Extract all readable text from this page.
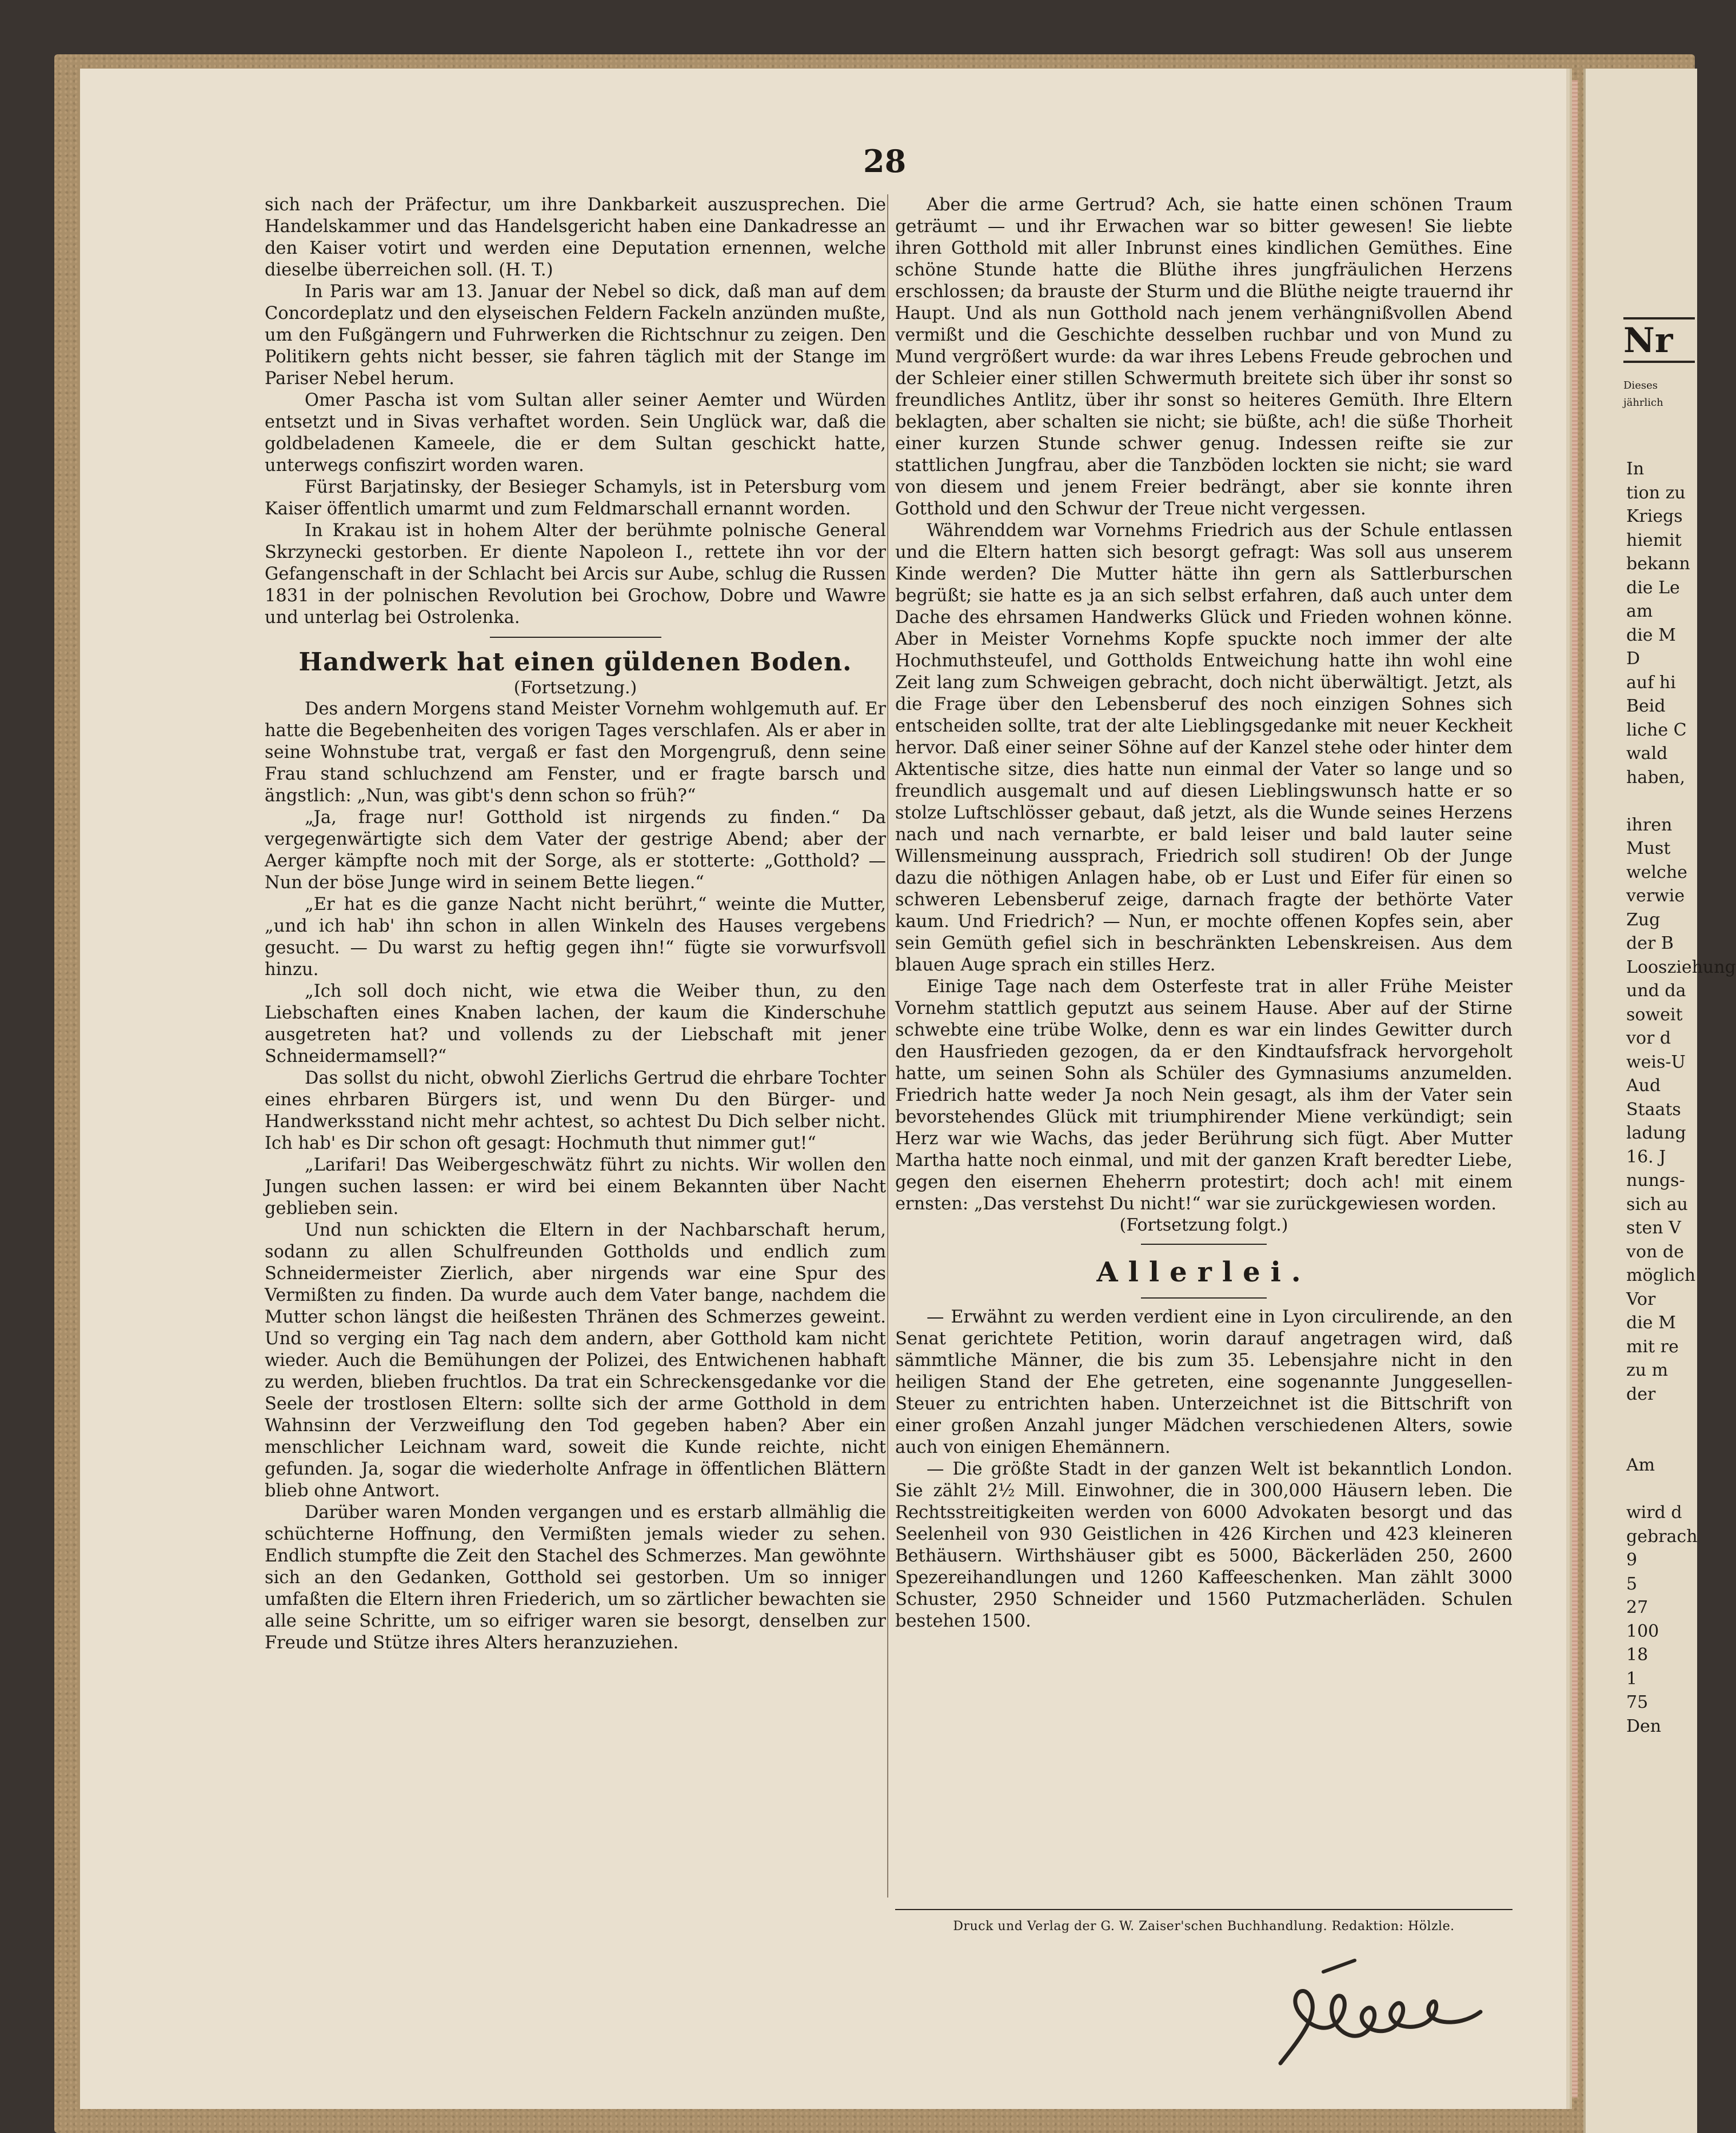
28

sich nach der Präfectur, um ihre Dankbarkeit auszusprechen. Die Handelskammer und das Handelsgericht haben eine Dankadresse an den Kaiser votirt und werden eine Deputation ernennen, welche dieselbe überreichen soll. (H. T.)

In Paris war am 13. Januar der Nebel so dick, daß man auf dem Concordeplatz und den elyseischen Feldern Fackeln anzünden mußte, um den Fußgängern und Fuhrwerken die Richtschnur zu zeigen. Den Politikern gehts nicht besser, sie fahren täglich mit der Stange im Pariser Nebel herum.

Omer Pascha ist vom Sultan aller seiner Aemter und Würden entsetzt und in Sivas verhaftet worden. Sein Unglück war, daß die goldbeladenen Kameele, die er dem Sultan geschickt hatte, unterwegs confiszirt worden waren.

Fürst Barjatinsky, der Besieger Schamyls, ist in Petersburg vom Kaiser öffentlich umarmt und zum Feldmarschall ernannt worden.

In Krakau ist in hohem Alter der berühmte polnische General Skrzynecki gestorben. Er diente Napoleon I., rettete ihn vor der Gefangenschaft in der Schlacht bei Arcis sur Aube, schlug die Russen 1831 in der polnischen Revolution bei Grochow, Dobre und Wawre und unterlag bei Ostrolenka.

Handwerk hat einen güldenen Boden.
(Fortsetzung.)

Des andern Morgens stand Meister Vornehm wohlgemuth auf. Er hatte die Begebenheiten des vorigen Tages verschlafen. Als er aber in seine Wohnstube trat, vergaß er fast den Morgengruß, denn seine Frau stand schluchzend am Fenster, und er fragte barsch und ängstlich: „Nun, was gibt's denn schon so früh?“

„Ja, frage nur! Gotthold ist nirgends zu finden.“ Da vergegenwärtigte sich dem Vater der gestrige Abend; aber der Aerger kämpfte noch mit der Sorge, als er stotterte: „Gotthold? — Nun der böse Junge wird in seinem Bette liegen.“

„Er hat es die ganze Nacht nicht berührt,“ weinte die Mutter, „und ich hab' ihn schon in allen Winkeln des Hauses vergebens gesucht. — Du warst zu heftig gegen ihn!“ fügte sie vorwurfsvoll hinzu.

„Ich soll doch nicht, wie etwa die Weiber thun, zu den Liebschaften eines Knaben lachen, der kaum die Kinderschuhe ausgetreten hat? und vollends zu der Liebschaft mit jener Schneidermamsell?“

Das sollst du nicht, obwohl Zierlichs Gertrud die ehrbare Tochter eines ehrbaren Bürgers ist, und wenn Du den Bürger- und Handwerksstand nicht mehr achtest, so achtest Du Dich selber nicht. Ich hab' es Dir schon oft gesagt: Hochmuth thut nimmer gut!“

„Larifari! Das Weibergeschwätz führt zu nichts. Wir wollen den Jungen suchen lassen: er wird bei einem Bekannten über Nacht geblieben sein.

Und nun schickten die Eltern in der Nachbarschaft herum, sodann zu allen Schulfreunden Gottholds und endlich zum Schneidermeister Zierlich, aber nirgends war eine Spur des Vermißten zu finden. Da wurde auch dem Vater bange, nachdem die Mutter schon längst die heißesten Thränen des Schmerzes geweint. Und so verging ein Tag nach dem andern, aber Gotthold kam nicht wieder. Auch die Bemühungen der Polizei, des Entwichenen habhaft zu werden, blieben fruchtlos. Da trat ein Schreckensgedanke vor die Seele der trostlosen Eltern: sollte sich der arme Gotthold in dem Wahnsinn der Verzweiflung den Tod gegeben haben? Aber ein menschlicher Leichnam ward, soweit die Kunde reichte, nicht gefunden. Ja, sogar die wiederholte Anfrage in öffentlichen Blättern blieb ohne Antwort.

Darüber waren Monden vergangen und es erstarb allmählig die schüchterne Hoffnung, den Vermißten jemals wieder zu sehen. Endlich stumpfte die Zeit den Stachel des Schmerzes. Man gewöhnte sich an den Gedanken, Gotthold sei gestorben. Um so inniger umfaßten die Eltern ihren Friederich, um so zärtlicher bewachten sie alle seine Schritte, um so eifriger waren sie besorgt, denselben zur Freude und Stütze ihres Alters heranzuziehen.

Aber die arme Gertrud? Ach, sie hatte einen schönen Traum geträumt — und ihr Erwachen war so bitter gewesen! Sie liebte ihren Gotthold mit aller Inbrunst eines kindlichen Gemüthes. Eine schöne Stunde hatte die Blüthe ihres jungfräulichen Herzens erschlossen; da brauste der Sturm und die Blüthe neigte trauernd ihr Haupt. Und als nun Gotthold nach jenem verhängnißvollen Abend vermißt und die Geschichte desselben ruchbar und von Mund zu Mund vergrößert wurde: da war ihres Lebens Freude gebrochen und der Schleier einer stillen Schwermuth breitete sich über ihr sonst so freundliches Antlitz, über ihr sonst so heiteres Gemüth. Ihre Eltern beklagten, aber schalten sie nicht; sie büßte, ach! die süße Thorheit einer kurzen Stunde schwer genug. Indessen reifte sie zur stattlichen Jungfrau, aber die Tanzböden lockten sie nicht; sie ward von diesem und jenem Freier bedrängt, aber sie konnte ihren Gotthold und den Schwur der Treue nicht vergessen.

Währenddem war Vornehms Friedrich aus der Schule entlassen und die Eltern hatten sich besorgt gefragt: Was soll aus unserem Kinde werden? Die Mutter hätte ihn gern als Sattlerburschen begrüßt; sie hatte es ja an sich selbst erfahren, daß auch unter dem Dache des ehrsamen Handwerks Glück und Frieden wohnen könne. Aber in Meister Vornehms Kopfe spuckte noch immer der alte Hochmuthsteufel, und Gottholds Entweichung hatte ihn wohl eine Zeit lang zum Schweigen gebracht, doch nicht überwältigt. Jetzt, als die Frage über den Lebensberuf des noch einzigen Sohnes sich entscheiden sollte, trat der alte Lieblingsgedanke mit neuer Keckheit hervor. Daß einer seiner Söhne auf der Kanzel stehe oder hinter dem Aktentische sitze, dies hatte nun einmal der Vater so lange und so freundlich ausgemalt und auf diesen Lieblingswunsch hatte er so stolze Luftschlösser gebaut, daß jetzt, als die Wunde seines Herzens nach und nach vernarbte, er bald leiser und bald lauter seine Willensmeinung aussprach, Friedrich soll studiren! Ob der Junge dazu die nöthigen Anlagen habe, ob er Lust und Eifer für einen so schweren Lebensberuf zeige, darnach fragte der bethörte Vater kaum. Und Friedrich? — Nun, er mochte offenen Kopfes sein, aber sein Gemüth gefiel sich in beschränkten Lebenskreisen. Aus dem blauen Auge sprach ein stilles Herz.

Einige Tage nach dem Osterfeste trat in aller Frühe Meister Vornehm stattlich geputzt aus seinem Hause. Aber auf der Stirne schwebte eine trübe Wolke, denn es war ein lindes Gewitter durch den Hausfrieden gezogen, da er den Kindtaufsfrack hervorgeholt hatte, um seinen Sohn als Schüler des Gymnasiums anzumelden. Friedrich hatte weder Ja noch Nein gesagt, als ihm der Vater sein bevorstehendes Glück mit triumphirender Miene verkündigt; sein Herz war wie Wachs, das jeder Berührung sich fügt. Aber Mutter Martha hatte noch einmal, und mit der ganzen Kraft beredter Liebe, gegen den eisernen Eheherrn protestirt; doch ach! mit einem ernsten: „Das verstehst Du nicht!“ war sie zurückgewiesen worden.

(Fortsetzung folgt.)
Allerlei.

— Erwähnt zu werden verdient eine in Lyon circulirende, an den Senat gerichtete Petition, worin darauf angetragen wird, daß sämmtliche Männer, die bis zum 35. Lebensjahre nicht in den heiligen Stand der Ehe getreten, eine sogenannte Junggesellen-Steuer zu entrichten haben. Unterzeichnet ist die Bittschrift von einer großen Anzahl junger Mädchen verschiedenen Alters, sowie auch von einigen Ehemännern.

— Die größte Stadt in der ganzen Welt ist bekanntlich London. Sie zählt 2½ Mill. Einwohner, die in 300,000 Häusern leben. Die Rechtsstreitigkeiten werden von 6000 Advokaten besorgt und das Seelenheil von 930 Geistlichen in 426 Kirchen und 423 kleineren Bethäusern. Wirthshäuser gibt es 5000, Bäckerläden 250, 2600 Spezereihandlungen und 1260 Kaffeeschenken. Man zählt 3000 Schuster, 2950 Schneider und 1560 Putzmacherläden. Schulen bestehen 1500.

Druck und Verlag der G. W. Zaiser'schen Buchhandlung. Redaktion: Hölzle.
Nr
Dieses
jährlich
In
tion zu
Kriegs
hiemit
bekann
die Le
am
die M
D
auf hi
Beid
liche C
wald
haben,

ihren
Must
welche
verwie
Zug
der B
Loosziehung
und da
soweit
vor d
weis-U
Aud
Staats
ladung
16. J
nungs-
sich au
sten V
von de
möglich
Vor
die M
mit re
zu m
der

Am

wird d
gebrach
9
5
27
100
18
1
75
Den
